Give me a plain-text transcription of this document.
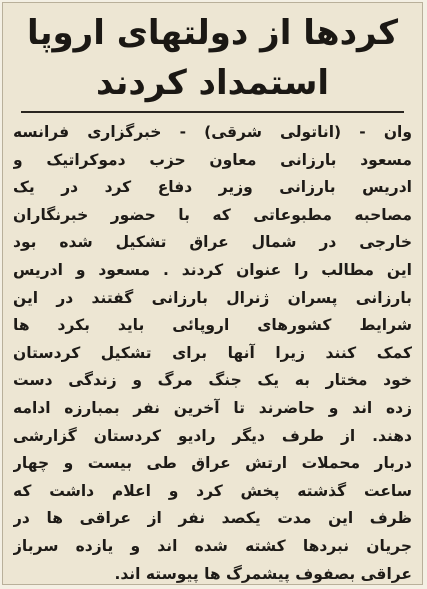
کردها از دولتهای اروپا
استمداد کردند
وان - (اناتولی شرقی) - خبرگزاری فرانسه
مسعود بارزانی معاون حزب دموکراتیک و
ادریس بارزانی وزیر دفاع کرد در یک
مصاحبه مطبوعاتی که با حضور خبرنگاران
خارجی در شمال عراق تشکیل شده بود
این مطالب را عنوان کردند . مسعود و ادریس
بارزانی پسران ژنرال بارزانی گفتند در این
شرایط کشورهای اروپائی باید بکرد ها
کمک کنند زیرا آنها برای تشکیل کردستان
خود مختار به یک جنگ مرگ و زندگی دست
زده اند و حاضرند تا آخرین نفر بمبارزه ادامه
دهند. از طرف دیگر رادیو کردستان گزارشی
دربار محملات ارتش عراق طی بیست و چهار
ساعت گذشته پخش کرد و اعلام داشت که
ظرف این مدت یکصد نفر از عراقی ها در
جریان نبردها کشته شده اند و یازده سرباز
عراقی بصفوف پیشمرگ ها پیوسته اند.
